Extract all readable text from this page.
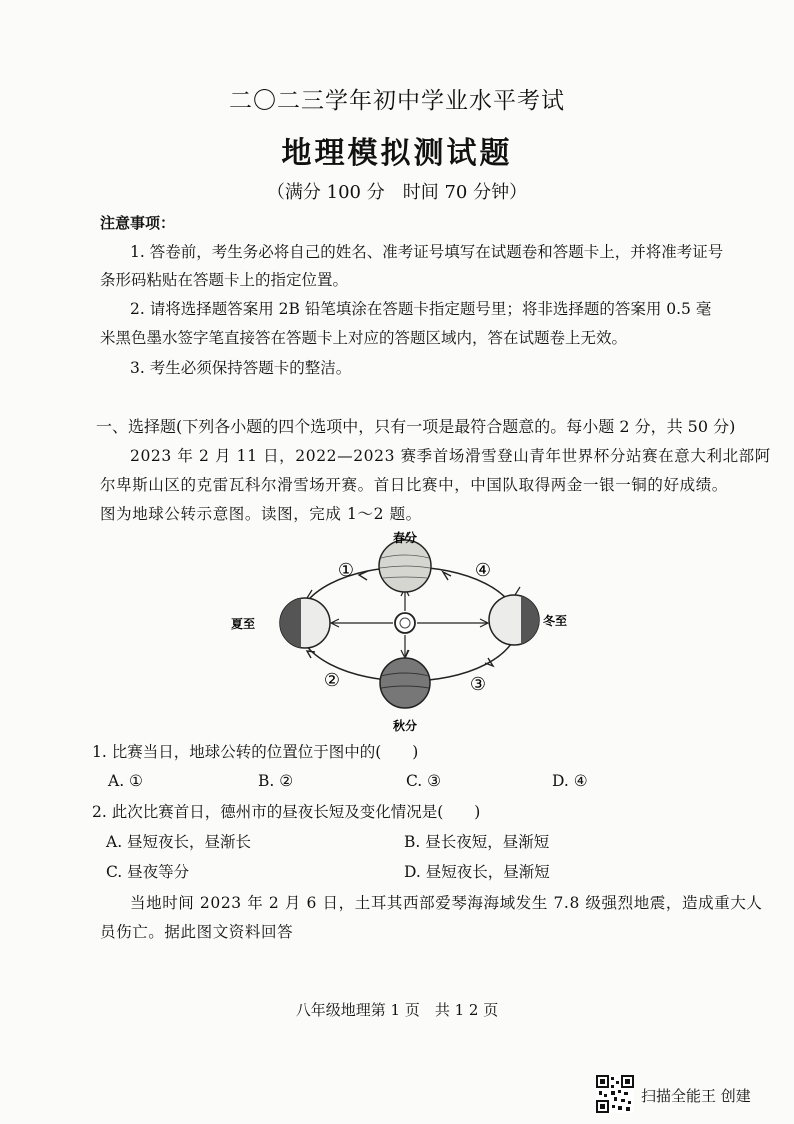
二〇二三学年初中学业水平考试
地理模拟测试题
（满分 100 分　时间 70 分钟）
注意事项：
1. 答卷前，考生务必将自己的姓名、准考证号填写在试题卷和答题卡上，并将准考证号
条形码粘贴在答题卡上的指定位置。
2. 请将选择题答案用 2B 铅笔填涂在答题卡指定题号里；将非选择题的答案用 0.5 毫
米黑色墨水签字笔直接答在答题卡上对应的答题区域内，答在试题卷上无效。
3. 考生必须保持答题卡的整洁。
一、选择题(下列各小题的四个选项中，只有一项是最符合题意的。每小题 2 分，共 50 分)
2023 年 2 月 11 日，2022—2023 赛季首场滑雪登山青年世界杯分站赛在意大利北部阿
尔卑斯山区的克雷瓦科尔滑雪场开赛。首日比赛中，中国队取得两金一银一铜的好成绩。
图为地球公转示意图。读图，完成 1～2 题。
春分
夏至	冬至
秋分
①
②	③
④
1. 比赛当日，地球公转的位置位于图中的(　　)
A. ①	B. ②	C. ③	D. ④
2. 此次比赛首日，德州市的昼夜长短及变化情况是(　　)
A. 昼短夜长，昼渐长	B. 昼长夜短，昼渐短
C. 昼夜等分	D. 昼短夜长，昼渐短
当地时间 2023 年 2 月 6 日，土耳其西部爱琴海海域发生 7.8 级强烈地震，造成重大人
员伤亡。据此图文资料回答
八年级地理第 1 页　共 1 2 页
扫描全能王 创建
